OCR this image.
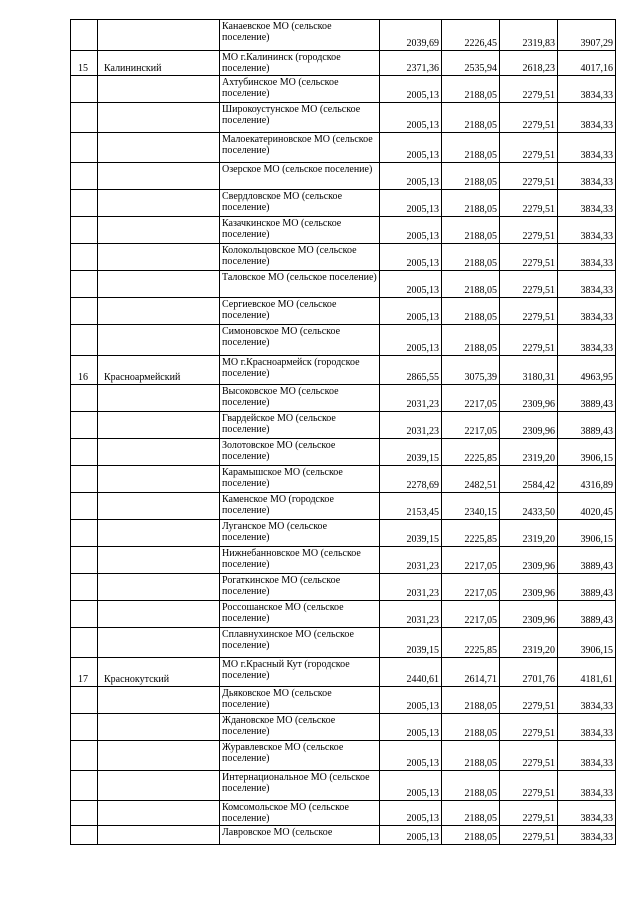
		Канаевское МО (сельское поселение)	2039,69	2226,45	2319,83	3907,29
15	Калининский	МО г.Калининск (городское поселение)	2371,36	2535,94	2618,23	4017,16
		Ахтубинское МО (сельское поселение)	2005,13	2188,05	2279,51	3834,33
		Широкоустунское МО (сельское поселение)	2005,13	2188,05	2279,51	3834,33
		Малоекатериновское МО (сельское поселение)	2005,13	2188,05	2279,51	3834,33
		Озерское МО (сельское поселение)	2005,13	2188,05	2279,51	3834,33
		Свердловское МО (сельское поселение)	2005,13	2188,05	2279,51	3834,33
		Казачкинское МО (сельское поселение)	2005,13	2188,05	2279,51	3834,33
		Колокольцовское МО (сельское поселение)	2005,13	2188,05	2279,51	3834,33
		Таловское МО (сельское поселение)	2005,13	2188,05	2279,51	3834,33
		Сергиевское МО (сельское поселение)	2005,13	2188,05	2279,51	3834,33
		Симоновское МО (сельское поселение)	2005,13	2188,05	2279,51	3834,33
16	Красноармейский	МО г.Красноармейск (городское поселение)	2865,55	3075,39	3180,31	4963,95
		Высоковское МО (сельское поселение)	2031,23	2217,05	2309,96	3889,43
		Гвардейское МО (сельское поселение)	2031,23	2217,05	2309,96	3889,43
		Золотовское МО (сельское поселение)	2039,15	2225,85	2319,20	3906,15
		Карамышское МО (сельское поселение)	2278,69	2482,51	2584,42	4316,89
		Каменское МО (городское поселение)	2153,45	2340,15	2433,50	4020,45
		Луганское МО (сельское поселение)	2039,15	2225,85	2319,20	3906,15
		Нижнебанновское МО (сельское поселение)	2031,23	2217,05	2309,96	3889,43
		Рогаткинское МО (сельское поселение)	2031,23	2217,05	2309,96	3889,43
		Россошанское МО (сельское поселение)	2031,23	2217,05	2309,96	3889,43
		Сплавнухинское МО (сельское поселение)	2039,15	2225,85	2319,20	3906,15
17	Краснокутский	МО г.Красный Кут (городское поселение)	2440,61	2614,71	2701,76	4181,61
		Дьяковское МО (сельское поселение)	2005,13	2188,05	2279,51	3834,33
		Ждановское МО (сельское поселение)	2005,13	2188,05	2279,51	3834,33
		Журавлевское МО (сельское поселение)	2005,13	2188,05	2279,51	3834,33
		Интернациональное МО (сельское поселение)	2005,13	2188,05	2279,51	3834,33
		Комсомольское МО (сельское поселение)	2005,13	2188,05	2279,51	3834,33
		Лавровское МО (сельское	2005,13	2188,05	2279,51	3834,33
